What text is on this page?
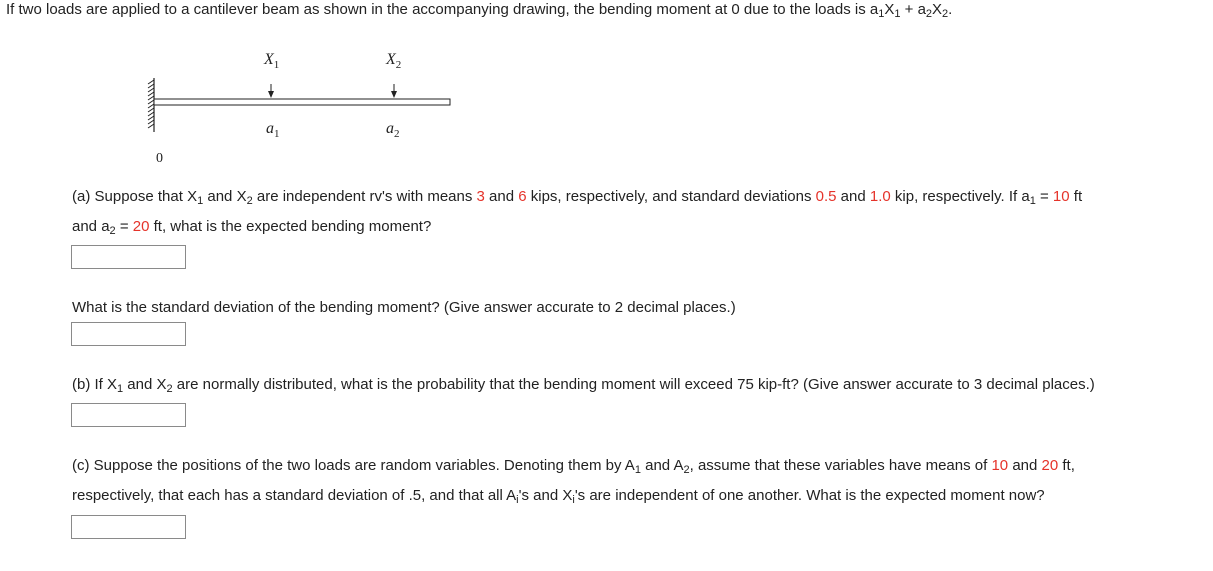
If two loads are applied to a cantilever beam as shown in the accompanying drawing, the bending moment at 0 due to the loads is $a_1X_1 + a_2X_2$.
$X_1$	$X_2$
$a_1$	$a_2$
0
(a) Suppose that $X_1$ and $X_2$ are independent rv's with means 3 and 6 kips, respectively, and standard deviations 0.5 and 1.0 kip, respectively. If $a_1 = 10$ ft
and $a_2 = 20$ ft, what is the expected bending moment?
What is the standard deviation of the bending moment? (Give answer accurate to 2 decimal places.)
(b) If $X_1$ and $X_2$ are normally distributed, what is the probability that the bending moment will exceed 75 kip-ft? (Give answer accurate to 3 decimal places.)
(c) Suppose the positions of the two loads are random variables. Denoting them by $A_1$ and $A_2$, assume that these variables have means of 10 and 20 ft,
respectively, that each has a standard deviation of .5, and that all $A_i's$ and $X_i's$ are independent of one another. What is the expected moment now?
